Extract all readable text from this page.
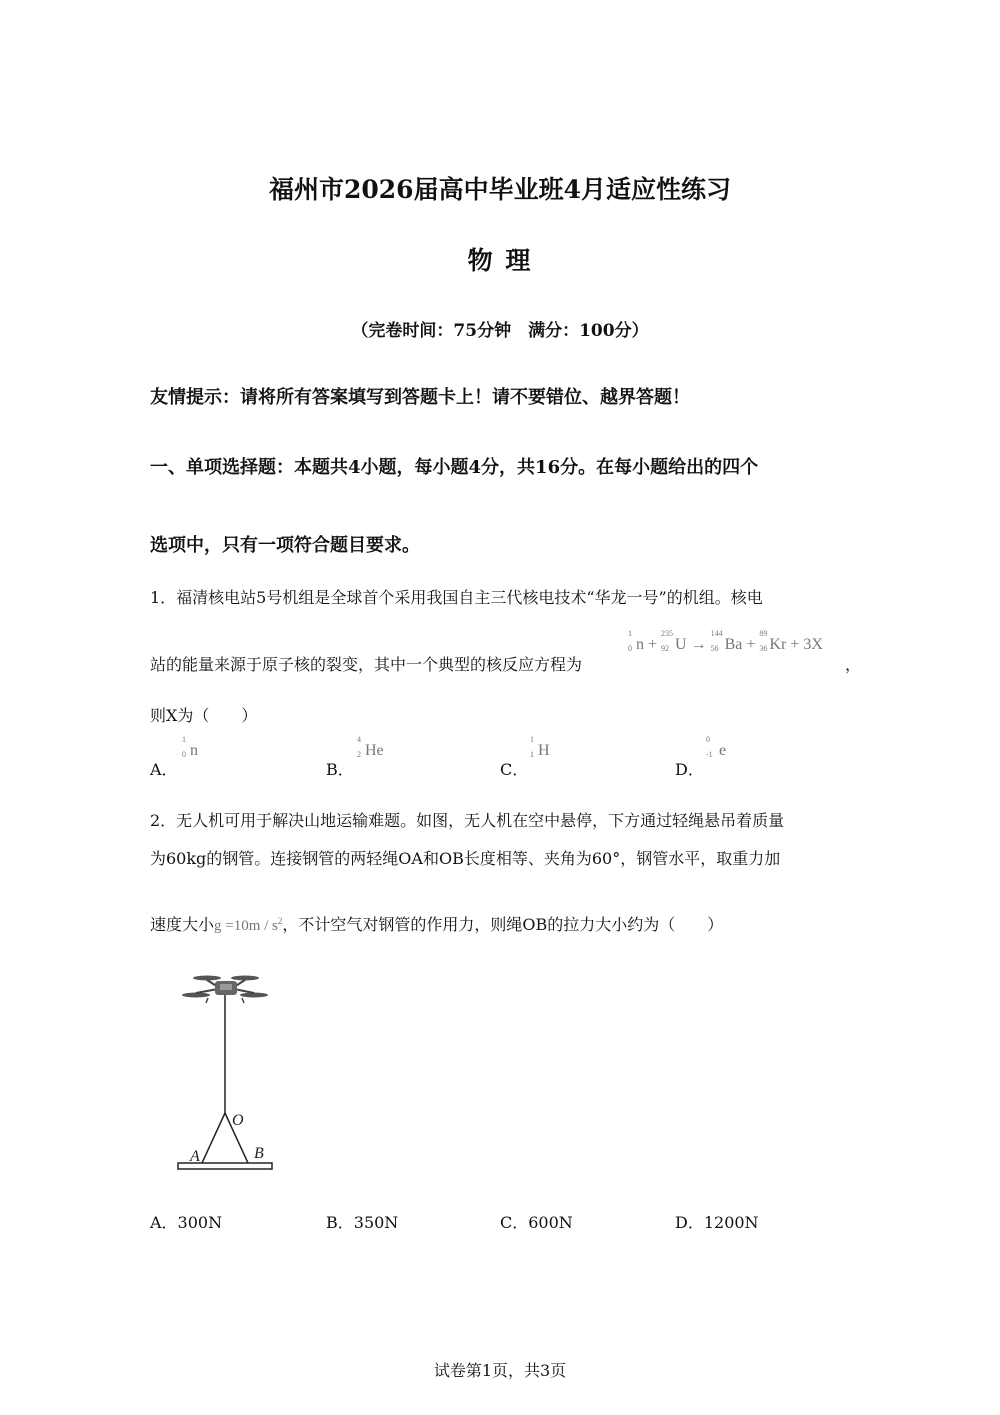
福州市2026届高中毕业班4月适应性练习
物 理
（完卷时间：75分钟　满分：100分）
友情提示：请将所有答案填写到答题卡上！请不要错位、越界答题！
一、单项选择题：本题共4小题，每小题4分，共16分。在每小题给出的四个
选项中，只有一项符合题目要求。
1．福清核电站5号机组是全球首个采用我国自主三代核电技术“华龙一号”的机组。核电
站的能量来源于原子核的裂变，其中一个典型的核反应方程为
1
0 n +
235
92 U →
144
56 Ba +
89
36 Kr + 3X
，
则X为（　　）
A．
1
0 n
B．
4
2 He
C．
1
1 H
D．
0
-1 e
2．无人机可用于解决山地运输难题。如图，无人机在空中悬停，下方通过轻绳悬吊着质量
为60kg的钢管。连接钢管的两轻绳OA和OB长度相等、夹角为60°，钢管水平，取重力加
速度大小$g =10m / s^2$，不计空气对钢管的作用力，则绳OB的拉力大小约为（　　）
O
A	B
A．300N	B．350N	C．600N	D．1200N
试卷第1页，共3页
